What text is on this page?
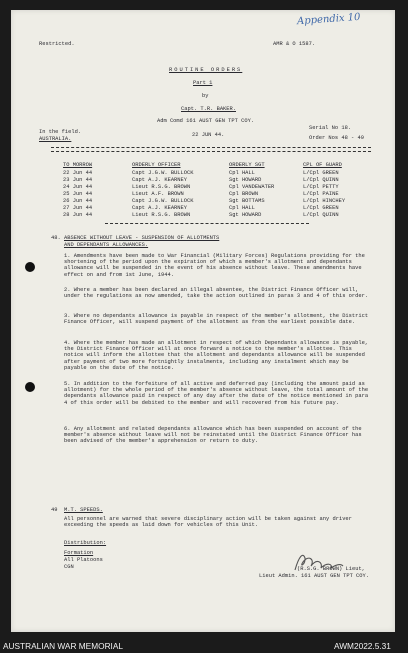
Appendix 10
Restricted.	AMR & O 1587.
ROUTINE ORDERS
Part 1
by
Capt. T.R. BAKER.
Adm Comd 161 AUST GEN TPT COY.
In the field.
AUSTRALIA.
22 JUN 44.
Serial No 18.
Order Nos 48 - 49
TO MORROW	ORDERLY OFFICER	ORDERLY SGT	CPL OF GUARD
22 Jun 44	Capt J.G.W. BULLOCK	Cpl HALL	L/Cpl GREEN
23 Jun 44	Capt A.J. KEARNEY	Sgt HOWARD	L/Cpl QUINN
24 Jun 44	Lieut R.S.G. BROWN	Cpl VANDEWATER	L/Cpl PETTY
25 Jun 44	Lieut A.F. BROWN	Cpl BROWN	L/Cpl PAINE
26 Jun 44	Capt J.G.W. BULLOCK	Sgt BOTTAMS	L/Cpl HINCHEY
27 Jun 44	Capt A.J. KEARNEY	Cpl HALL	L/Cpl GREEN
28 Jun 44	Lieut R.S.G. BROWN	Sgt HOWARD	L/Cpl QUINN
48. ABSENCE WITHOUT LEAVE - SUSPENSION OF ALLOTMENTS
AND DEPENDANTS ALLOWANCES.
1. Amendments have been made to War Financial (Military Forces) Regulations providing for the shortening of the period upon the expiration of which a member's allotment and dependants allowance will be suspended in the event of his absence without leave. These amendments have effect on and from 1st June, 1944.
2. Where a member has been declared an illegal absentee, the District Finance Officer will, under the regulations as now amended, take the action outlined in paras 3 and 4 of this order.
3. Where no dependants allowance is payable in respect of the member's allotment, the District Finance Officer, will suspend payment of the allotment as from the earliest possible date.
4. Where the member has made an allotment in respect of which Dependants allowance is payable, the District Finance Officer will at once forward a notice to the member's allottee. This notice will inform the allottee that the allotment and dependants allowance will be suspended after payment of two more fortnightly instalments, including any instalment which may be payable on the date of the notice.
5. In addition to the forfeiture of all active and deferred pay (including the amount paid as allotment) for the whole period of the member's absence without leave, the total amount of the dependants allowance paid in respect of any day after the date of the notice mentioned in para 4 of this order will be debited to the member and will recovered from his future pay.
6. Any allotment and related dependants allowance which has been suspended on account of the member's absence without leave will not be reinstated until the District Finance Officer has been advised of the member's apprehension or return to duty.
49 M.T. SPEEDS.
All personnel are warned that severe disciplinary action will be taken against any driver exceeding the speeds as laid down for vehicles of this Unit.
Distribution:
Formation
All Platoons
CGN	(R.S.G. BROWN) Lieut,
Lieut Admin. 161 AUST GEN TPT COY.
AUSTRALIAN WAR MEMORIAL	AWM2022.5.31
